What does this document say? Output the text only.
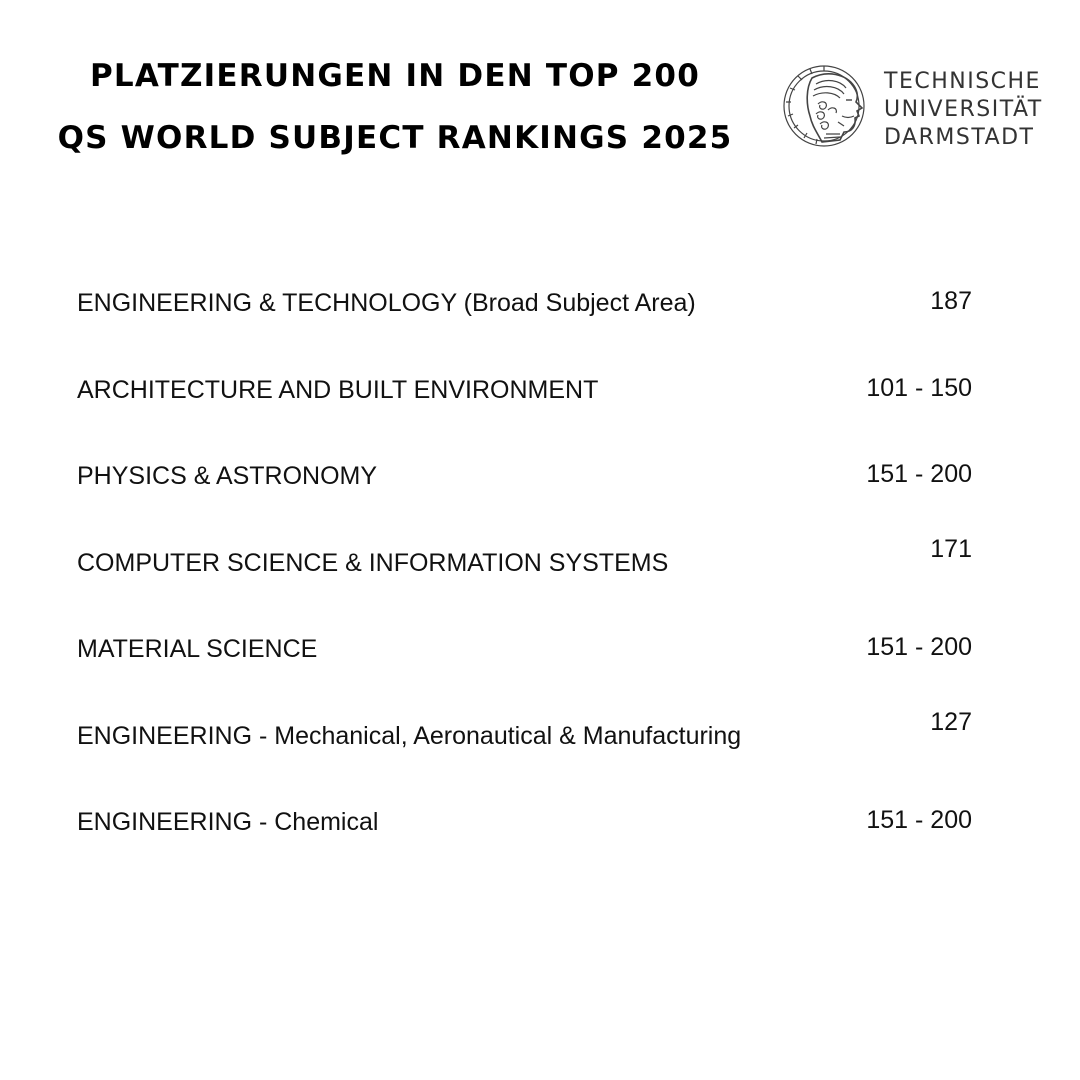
PLATZIERUNGEN IN DEN TOP 200
QS WORLD SUBJECT RANKINGS 2025
TECHNISCHE
UNIVERSITÄT
DARMSTADT
ENGINEERING & TECHNOLOGY (Broad Subject Area)	187
ARCHITECTURE AND BUILT ENVIRONMENT	101 - 150
PHYSICS & ASTRONOMY	151 - 200
COMPUTER SCIENCE & INFORMATION SYSTEMS	171
MATERIAL SCIENCE	151 - 200
ENGINEERING - Mechanical, Aeronautical & Manufacturing	127
ENGINEERING - Chemical	151 - 200
